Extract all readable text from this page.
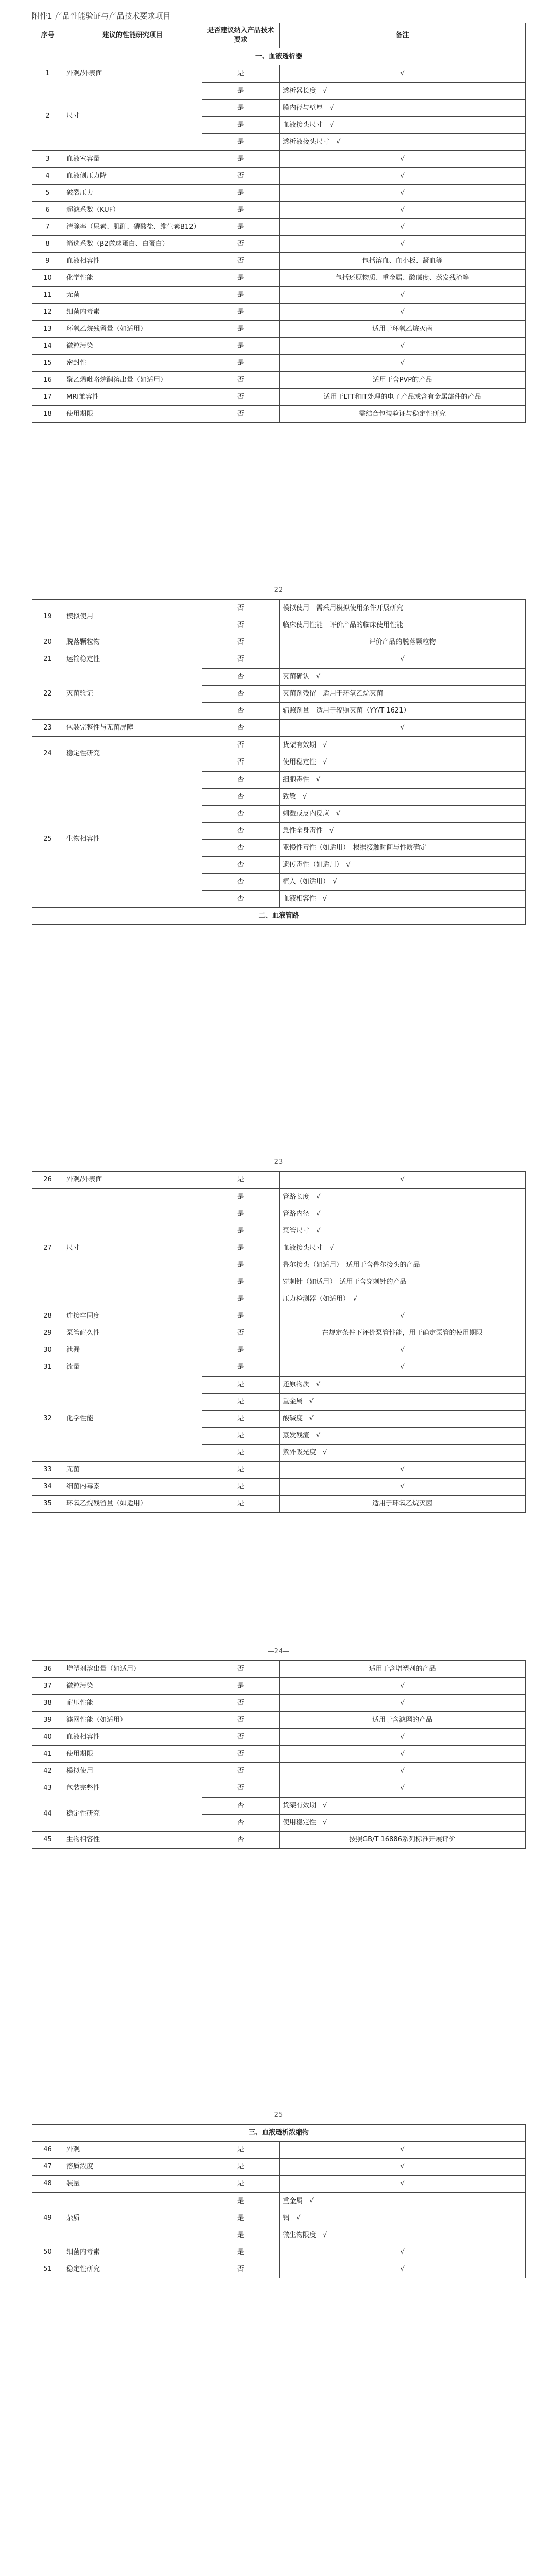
附件1 产品性能验证与产品技术要求项目
序号	建议的性能研究项目	是否建议纳入产品技术要求	备注
一、血液透析器			
1	外观/外表面	是	√
2	尺寸		
		是	透析器长度　 √
		是	膜内径与壁厚　 √
		是	血液接头尺寸　 √
		是	透析液接头尺寸　 √
3	血液室容量	是	√
4	血液侧压力降	否	√
5	破裂压力	是	√
6	超滤系数（KUF）	是	√
7	清除率（尿素、肌酐、磷酸盐、维生素B12）	是	√
8	筛选系数（β2微球蛋白、白蛋白）	否	√
9	血液相容性	否	包括溶血、血小板、凝血等
10	化学性能	是	包括还原物质、重金属、酸碱度、蒸发残渣等
11	无菌	是	√
12	细菌内毒素	是	√
13	环氧乙烷残留量（如适用）	是	适用于环氧乙烷灭菌
14	微粒污染	是	√
15	密封性	是	√
16	聚乙烯吡咯烷酮溶出量（如适用）	否	适用于含PVP的产品
17	MRI兼容性	否	适用于LTT和IT处理的电子产品或含有金属部件的产品
18	使用期限	否	需结合包装验证与稳定性研究
—22—
19	模拟使用		
		否	模拟使用　 需采用模拟使用条件开展研究
		否	临床使用性能　 评价产品的临床使用性能
20	脱落颗粒物	否	评价产品的脱落颗粒物
21	运输稳定性	否	√
22	灭菌验证		
		否	灭菌确认　 √
		否	灭菌剂残留　 适用于环氧乙烷灭菌
		否	辐照剂量　 适用于辐照灭菌（YY/T 1621）
23	包装完整性与无菌屏障	否	√
24	稳定性研究		
		否	货架有效期　 √
		否	使用稳定性　 √
25	生物相容性		
		否	细胞毒性　 √
		否	致敏　 √
		否	刺激或皮内反应　 √
		否	急性全身毒性　 √
		否	亚慢性毒性（如适用）　 根据接触时间与性质确定
		否	遗传毒性（如适用）　 √
		否	植入（如适用）　 √
		否	血液相容性　 √
二、血液管路			
—23—
26	外观/外表面	是	√
27	尺寸		
		是	管路长度　 √
		是	管路内径　 √
		是	泵管尺寸　 √
		是	血液接头尺寸　 √
		是	鲁尔接头（如适用）　 适用于含鲁尔接头的产品
		是	穿刺针（如适用）　 适用于含穿刺针的产品
		是	压力检测器（如适用）　 √
28	连接牢固度	是	√
29	泵管耐久性	否	在规定条件下评价泵管性能，用于确定泵管的使用期限
30	泄漏	是	√
31	流量	是	√
32	化学性能		
		是	还原物质　 √
		是	重金属　 √
		是	酸碱度　 √
		是	蒸发残渣　 √
		是	紫外吸光度　 √
33	无菌	是	√
34	细菌内毒素	是	√
35	环氧乙烷残留量（如适用）	是	适用于环氧乙烷灭菌
—24—
36	增塑剂溶出量（如适用）	否	适用于含增塑剂的产品
37	微粒污染	是	√
38	耐压性能	否	√
39	滤网性能（如适用）	否	适用于含滤网的产品
40	血液相容性	否	√
41	使用期限	否	√
42	模拟使用	否	√
43	包装完整性	否	√
44	稳定性研究		
		否	货架有效期　 √
		否	使用稳定性　 √
45	生物相容性	否	按照GB/T 16886系列标准开展评价
—25—
三、血液透析浓缩物			
46	外观	是	√
47	溶质浓度	是	√
48	装量	是	√
49	杂质		
		是	重金属　 √
		是	铝　 √
		是	微生物限度　 √
50	细菌内毒素	是	√
51	稳定性研究	否	√
